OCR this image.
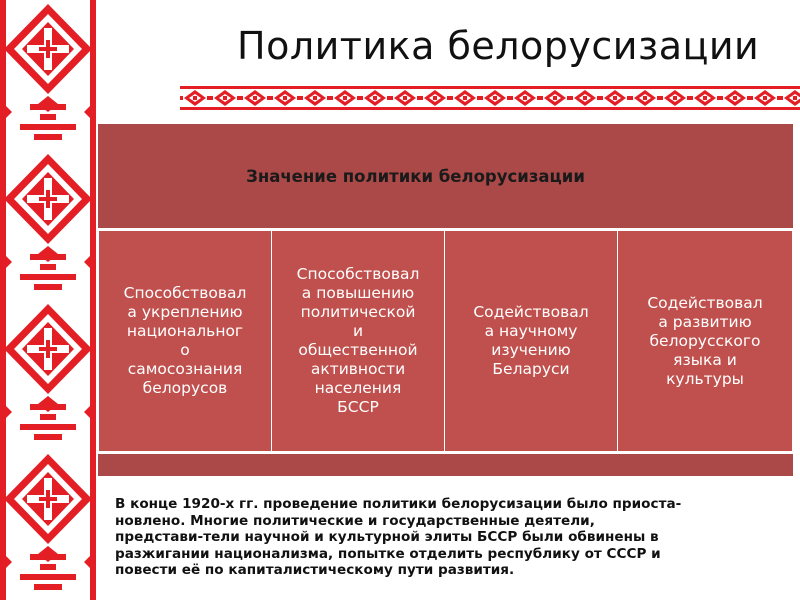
Политика белорусизации
Значение политики белорусизации
Способствовал
а укреплению
национальног
о
самосознания
белорусов
Способствовал
а повышению
политической
и
общественной
активности
населения
БССР
Содействовал
а научному
изучению
Беларуси
Содействовал
а развитию
белорусского
языка и
культуры
В конце 1920-х гг. проведение политики белорусизации было приоста-
новлено. Многие политические и государственные деятели,
представи-тели научной и культурной элиты БССР были обвинены в
разжигании национализма, попытке отделить республику от СССР и
повести её по капиталистическому пути развития.
